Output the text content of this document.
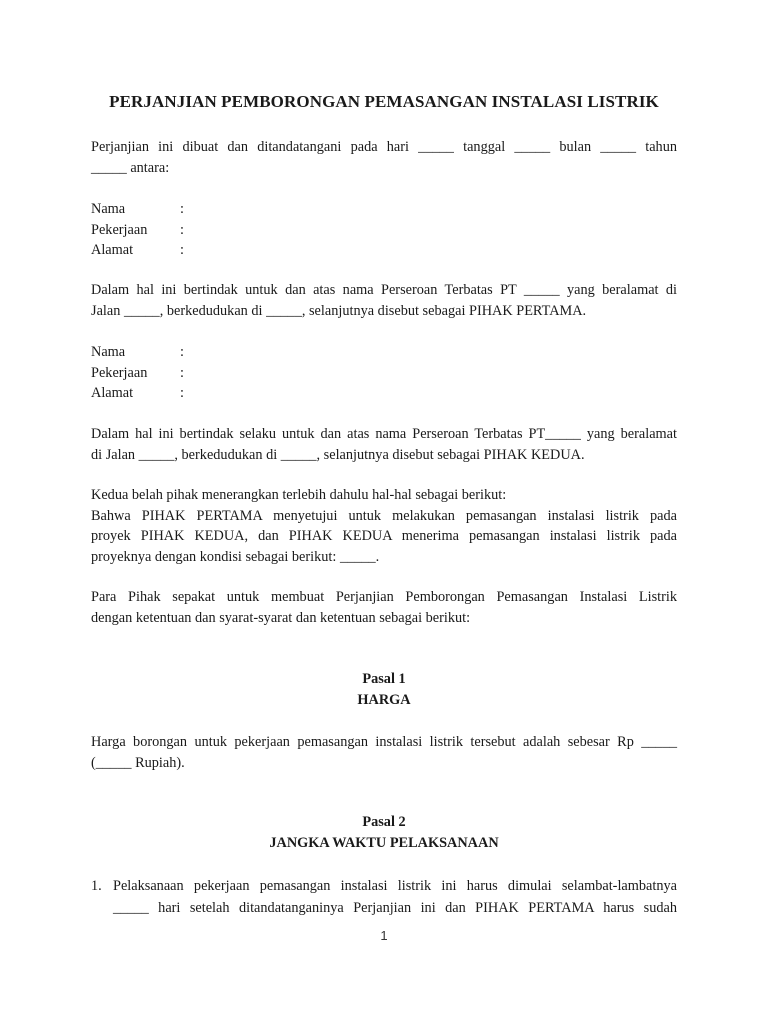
PERJANJIAN PEMBORONGAN PEMASANGAN INSTALASI LISTRIK
Perjanjian ini dibuat dan ditandatangani pada hari _____ tanggal _____ bulan _____ tahun
_____ antara:
Nama	:
Pekerjaan :
Alamat	:
Dalam hal ini bertindak untuk dan atas nama Perseroan Terbatas PT _____ yang beralamat di
Jalan _____, berkedudukan di _____, selanjutnya disebut sebagai PIHAK PERTAMA.
Nama	:
Pekerjaan :
Alamat	:
Dalam hal ini bertindak selaku untuk dan atas nama Perseroan Terbatas PT_____ yang beralamat
di Jalan _____, berkedudukan di _____, selanjutnya disebut sebagai PIHAK KEDUA.
Kedua belah pihak menerangkan terlebih dahulu hal-hal sebagai berikut:
Bahwa PIHAK PERTAMA menyetujui untuk melakukan pemasangan instalasi listrik pada
proyek PIHAK KEDUA, dan PIHAK KEDUA menerima pemasangan instalasi listrik pada
proyeknya dengan kondisi sebagai berikut: _____.
Para Pihak sepakat untuk membuat Perjanjian Pemborongan Pemasangan Instalasi Listrik
dengan ketentuan dan syarat-syarat dan ketentuan sebagai berikut:
Pasal 1
HARGA
Harga borongan untuk pekerjaan pemasangan instalasi listrik tersebut adalah sebesar Rp _____
(_____ Rupiah).
Pasal 2
JANGKA WAKTU PELAKSANAAN
1. Pelaksanaan pekerjaan pemasangan instalasi listrik ini harus dimulai selambat-lambatnya
_____ hari setelah ditandatanganinya Perjanjian ini dan PIHAK PERTAMA harus sudah
1
